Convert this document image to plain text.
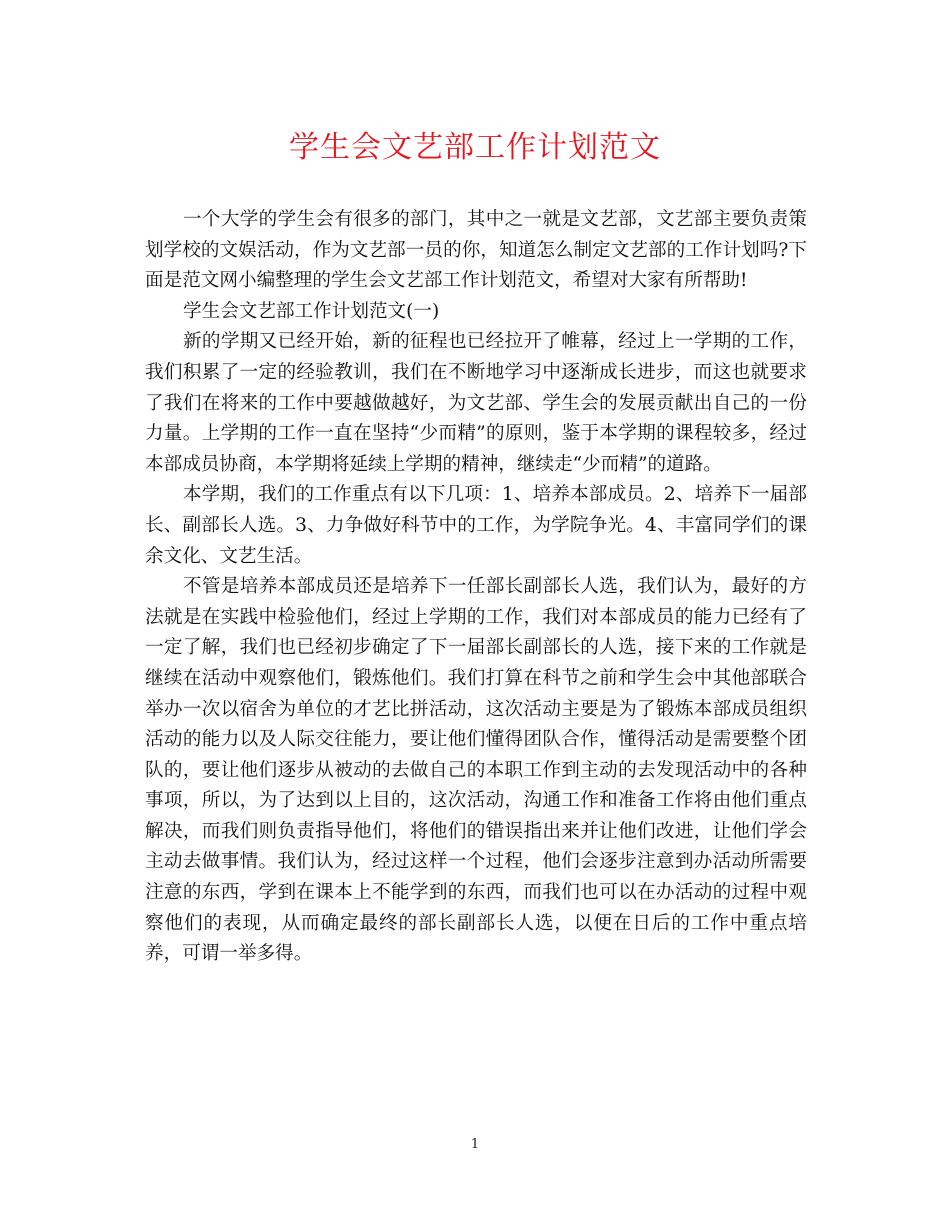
学生会文艺部工作计划范文

一个大学的学生会有很多的部门，其中之一就是文艺部，文艺部主要负责策划学校的文娱活动，作为文艺部一员的你，知道怎么制定文艺部的工作计划吗?下面是范文网小编整理的学生会文艺部工作计划范文，希望对大家有所帮助!

学生会文艺部工作计划范文(一)

新的学期又已经开始，新的征程也已经拉开了帷幕，经过上一学期的工作，我们积累了一定的经验教训，我们在不断地学习中逐渐成长进步，而这也就要求了我们在将来的工作中要越做越好，为文艺部、学生会的发展贡献出自己的一份力量。上学期的工作一直在坚持“少而精”的原则，鉴于本学期的课程较多，经过本部成员协商，本学期将延续上学期的精神，继续走“少而精”的道路。

本学期，我们的工作重点有以下几项：1、培养本部成员。2、培养下一届部长、副部长人选。3、力争做好科节中的工作，为学院争光。4、丰富同学们的课余文化、文艺生活。

不管是培养本部成员还是培养下一任部长副部长人选，我们认为，最好的方法就是在实践中检验他们，经过上学期的工作，我们对本部成员的能力已经有了一定了解，我们也已经初步确定了下一届部长副部长的人选，接下来的工作就是继续在活动中观察他们，锻炼他们。我们打算在科节之前和学生会中其他部联合举办一次以宿舍为单位的才艺比拼活动，这次活动主要是为了锻炼本部成员组织活动的能力以及人际交往能力，要让他们懂得团队合作，懂得活动是需要整个团队的，要让他们逐步从被动的去做自己的本职工作到主动的去发现活动中的各种事项，所以，为了达到以上目的，这次活动，沟通工作和准备工作将由他们重点解决，而我们则负责指导他们，将他们的错误指出来并让他们改进，让他们学会主动去做事情。我们认为，经过这样一个过程，他们会逐步注意到办活动所需要注意的东西，学到在课本上不能学到的东西，而我们也可以在办活动的过程中观察他们的表现，从而确定最终的部长副部长人选，以便在日后的工作中重点培养，可谓一举多得。

1
